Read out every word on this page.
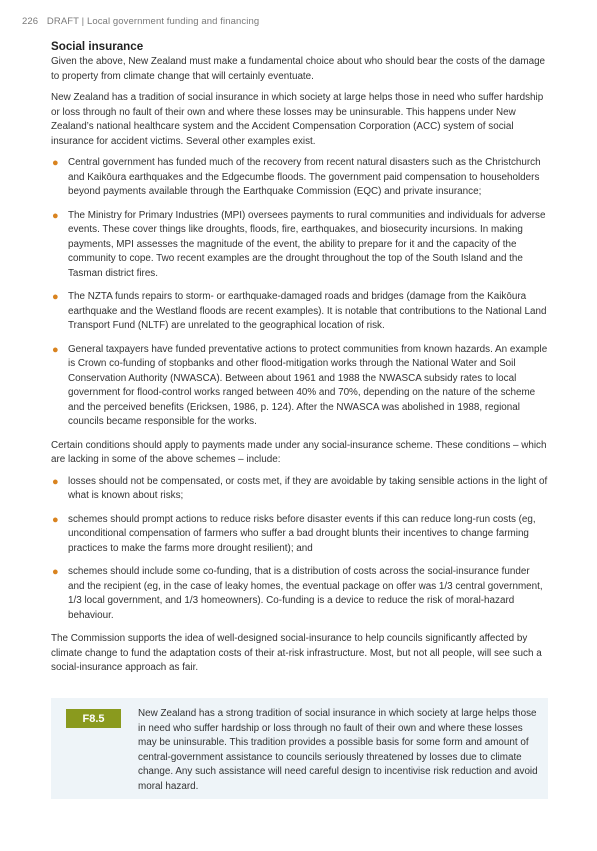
226 DRAFT | Local government funding and financing
Social insurance

Given the above, New Zealand must make a fundamental choice about who should bear the costs of the damage to property from climate change that will certainly eventuate.

New Zealand has a tradition of social insurance in which society at large helps those in need who suffer hardship or loss through no fault of their own and where these losses may be uninsurable. This happens under New Zealand’s national healthcare system and the Accident Compensation Corporation (ACC) system of social insurance for accident victims. Several other examples exist.

● Central government has funded much of the recovery from recent natural disasters such as the Christchurch and Kaikōura earthquakes and the Edgecumbe floods. The government paid compensation to householders beyond payments available through the Earthquake Commission (EQC) and private insurance;
● The Ministry for Primary Industries (MPI) oversees payments to rural communities and individuals for adverse events. These cover things like droughts, floods, fire, earthquakes, and biosecurity incursions. In making payments, MPI assesses the magnitude of the event, the ability to prepare for it and the capacity of the community to cope. Two recent examples are the drought throughout the top of the South Island and the Tasman district fires.
● The NZTA funds repairs to storm- or earthquake-damaged roads and bridges (damage from the Kaikōura earthquake and the Westland floods are recent examples). It is notable that contributions to the National Land Transport Fund (NLTF) are unrelated to the geographical location of risk.
● General taxpayers have funded preventative actions to protect communities from known hazards. An example is Crown co-funding of stopbanks and other flood-mitigation works through the National Water and Soil Conservation Authority (NWASCA). Between about 1961 and 1988 the NWASCA subsidy rates to local government for flood-control works ranged between 40% and 70%, depending on the nature of the scheme and the perceived benefits (Ericksen, 1986, p. 124). After the NWASCA was abolished in 1988, regional councils became responsible for the works.

Certain conditions should apply to payments made under any social-insurance scheme. These conditions – which are lacking in some of the above schemes – include:

● losses should not be compensated, or costs met, if they are avoidable by taking sensible actions in the light of what is known about risks;
● schemes should prompt actions to reduce risks before disaster events if this can reduce long-run costs (eg, unconditional compensation of farmers who suffer a bad drought blunts their incentives to change farming practices to make the farms more drought resilient); and
● schemes should include some co-funding, that is a distribution of costs across the social-insurance funder and the recipient (eg, in the case of leaky homes, the eventual package on offer was 1/3 central government, 1/3 local government, and 1/3 homeowners). Co-funding is a device to reduce the risk of moral-hazard behaviour.

The Commission supports the idea of well-designed social-insurance to help councils significantly affected by climate change to fund the adaptation costs of their at-risk infrastructure. Most, but not all people, will see such a social-insurance approach as fair.

F8.5	New Zealand has a strong tradition of social insurance in which society at large helps those in need who suffer hardship or loss through no fault of their own and where these losses may be uninsurable. This tradition provides a possible basis for some form and amount of central-government assistance to councils seriously threatened by losses due to climate change. Any such assistance will need careful design to incentivise risk reduction and avoid moral hazard.
